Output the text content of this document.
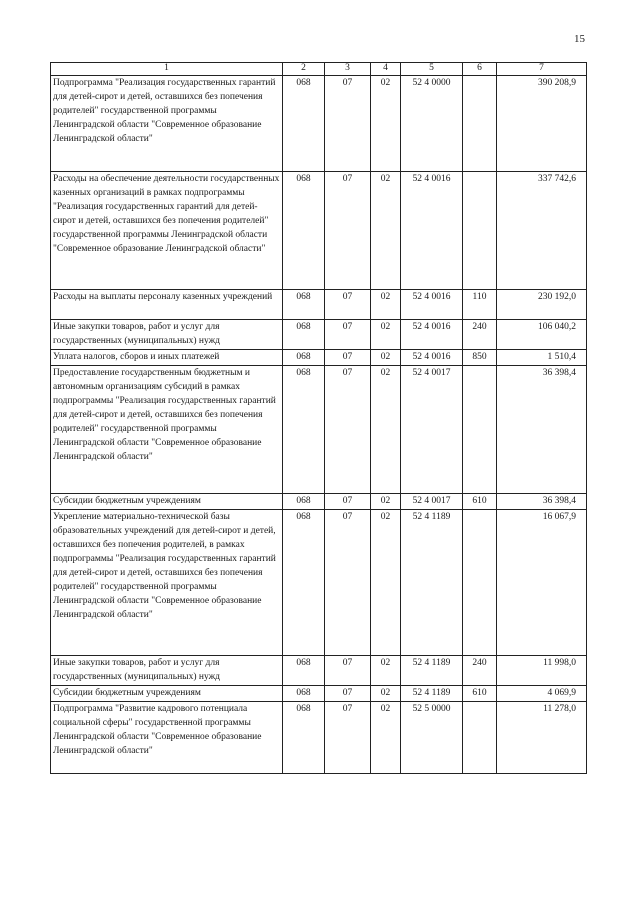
15
1	2	3	4	5	6	7
Подпрограмма "Реализация государственных гарантий для детей-сирот и детей, оставшихся без попечения родителей" государственной программы Ленинградской области "Современное образование Ленинградской области"	068	07	02	52 4 0000		390 208,9
Расходы на обеспечение деятельности государственных казенных организаций в рамках подпрограммы "Реализация государственных гарантий для детей-сирот и детей, оставшихся без попечения родителей" государственной программы Ленинградской области "Современное образование Ленинградской области"	068	07	02	52 4 0016		337 742,6
Расходы на выплаты персоналу казенных учреждений	068	07	02	52 4 0016	110	230 192,0
Иные закупки товаров, работ и услуг для государственных (муниципальных) нужд	068	07	02	52 4 0016	240	106 040,2
Уплата налогов, сборов и иных платежей	068	07	02	52 4 0016	850	1 510,4
Предоставление государственным бюджетным и автономным организациям субсидий в рамках подпрограммы "Реализация государственных гарантий для детей-сирот и детей, оставшихся без попечения родителей" государственной программы Ленинградской области "Современное образование Ленинградской области"	068	07	02	52 4 0017		36 398,4
Субсидии бюджетным учреждениям	068	07	02	52 4 0017	610	36 398,4
Укрепление материально-технической базы образовательных учреждений для детей-сирот и детей, оставшихся без попечения родителей, в рамках подпрограммы "Реализация государственных гарантий для детей-сирот и детей, оставшихся без попечения родителей" государственной программы Ленинградской области "Современное образование Ленинградской области"	068	07	02	52 4 1189		16 067,9
Иные закупки товаров, работ и услуг для государственных (муниципальных) нужд	068	07	02	52 4 1189	240	11 998,0
Субсидии бюджетным учреждениям	068	07	02	52 4 1189	610	4 069,9
Подпрограмма "Развитие кадрового потенциала социальной сферы" государственной программы Ленинградской области "Современное образование Ленинградской области"	068	07	02	52 5 0000		11 278,0
